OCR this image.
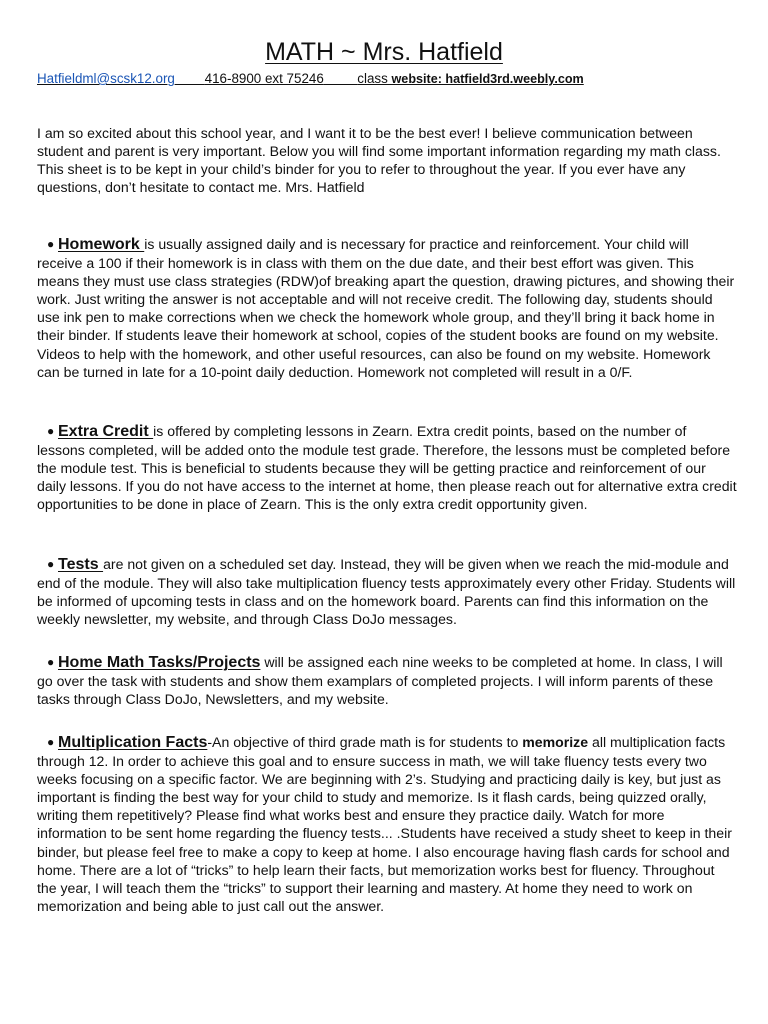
MATH ~ Mrs. Hatfield
Hatfieldml@scsk12.org 416-8900 ext 75246 class website: hatfield3rd.weebly.com

I am so excited about this school year, and I want it to be the best ever! I believe communication between student and parent is very important. Below you will find some important information regarding my math class. This sheet is to be kept in your child’s binder for you to refer to throughout the year. If you ever have any questions, don’t hesitate to contact me. Mrs. Hatfield

● Homework is usually assigned daily and is necessary for practice and reinforcement. Your child will receive a 100 if their homework is in class with them on the due date, and their best effort was given. This means they must use class strategies (RDW)of breaking apart the question, drawing pictures, and showing their work. Just writing the answer is not acceptable and will not receive credit. The following day, students should use ink pen to make corrections when we check the homework whole group, and they’ll bring it back home in their binder. If students leave their homework at school, copies of the student books are found on my website. Videos to help with the homework, and other useful resources, can also be found on my website. Homework can be turned in late for a 10-point daily deduction. Homework not completed will result in a 0/F.

● Extra Credit is offered by completing lessons in Zearn. Extra credit points, based on the number of lessons completed, will be added onto the module test grade. Therefore, the lessons must be completed before the module test. This is beneficial to students because they will be getting practice and reinforcement of our daily lessons. If you do not have access to the internet at home, then please reach out for alternative extra credit opportunities to be done in place of Zearn. This is the only extra credit opportunity given.

● Tests are not given on a scheduled set day. Instead, they will be given when we reach the mid-module and end of the module. They will also take multiplication fluency tests approximately every other Friday. Students will be informed of upcoming tests in class and on the homework board. Parents can find this information on the weekly newsletter, my website, and through Class DoJo messages.

● Home Math Tasks/Projects will be assigned each nine weeks to be completed at home. In class, I will go over the task with students and show them examplars of completed projects. I will inform parents of these tasks through Class DoJo, Newsletters, and my website.

● Multiplication Facts-An objective of third grade math is for students to memorize all multiplication facts through 12. In order to achieve this goal and to ensure success in math, we will take fluency tests every two weeks focusing on a specific factor. We are beginning with 2’s. Studying and practicing daily is key, but just as important is finding the best way for your child to study and memorize. Is it flash cards, being quizzed orally, writing them repetitively? Please find what works best and ensure they practice daily. Watch for more information to be sent home regarding the fluency tests... .Students have received a study sheet to keep in their binder, but please feel free to make a copy to keep at home. I also encourage having flash cards for school and home. There are a lot of “tricks” to help learn their facts, but memorization works best for fluency. Throughout the year, I will teach them the “tricks” to support their learning and mastery. At home they need to work on memorization and being able to just call out the answer.
